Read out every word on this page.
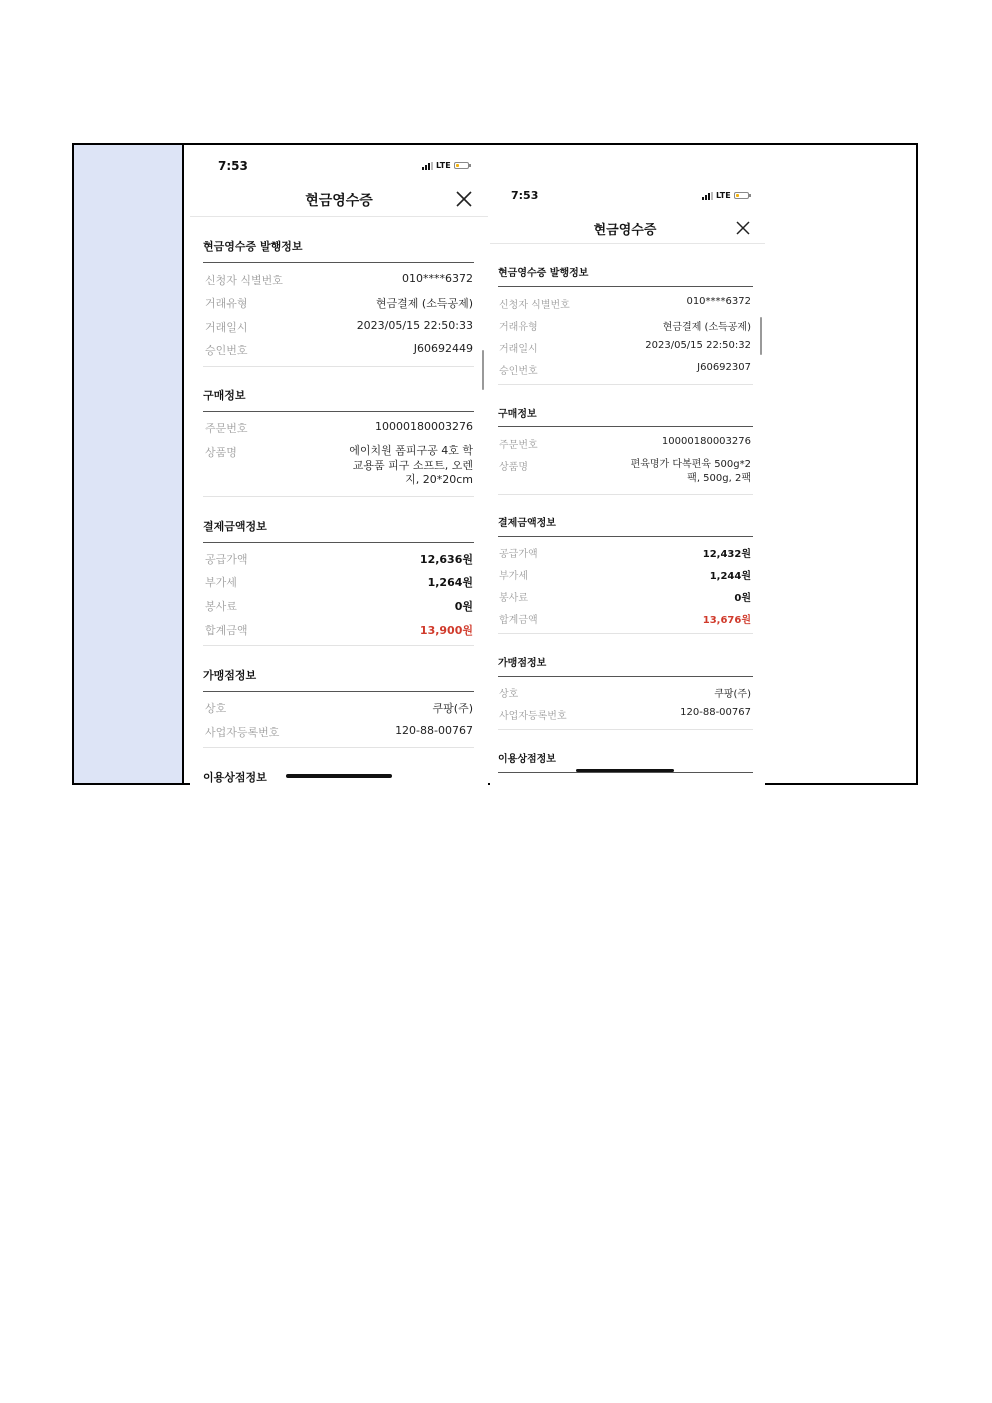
7:53	LTE
현금영수증
현금영수증 발행정보
신청자 식별번호	010****6372
거래유형	현금결제 (소득공제)
거래일시	2023/05/15 22:50:33
승인번호	J60692449
구매정보
주문번호	10000180003276
상품명	에이치원 폼피구공 4호 학
교용품 피구 소프트, 오렌
지, 20*20cm
결제금액정보
공급가액	12,636원
부가세	1,264원
봉사료	0원
합계금액	13,900원
가맹점정보
상호	쿠팡(주)
사업자등록번호	120-88-00767
이용상점정보
7:53	LTE
현금영수증
현금영수증 발행정보
신청자 식별번호	010****6372
거래유형	현금결제 (소득공제)
거래일시	2023/05/15 22:50:32
승인번호	J60692307
구매정보
주문번호	10000180003276
상품명	편육명가 다복편육 500g*2
팩, 500g, 2팩
결제금액정보
공급가액	12,432원
부가세	1,244원
봉사료	0원
합계금액	13,676원
가맹점정보
상호	쿠팡(주)
사업자등록번호	120-88-00767
이용상점정보
